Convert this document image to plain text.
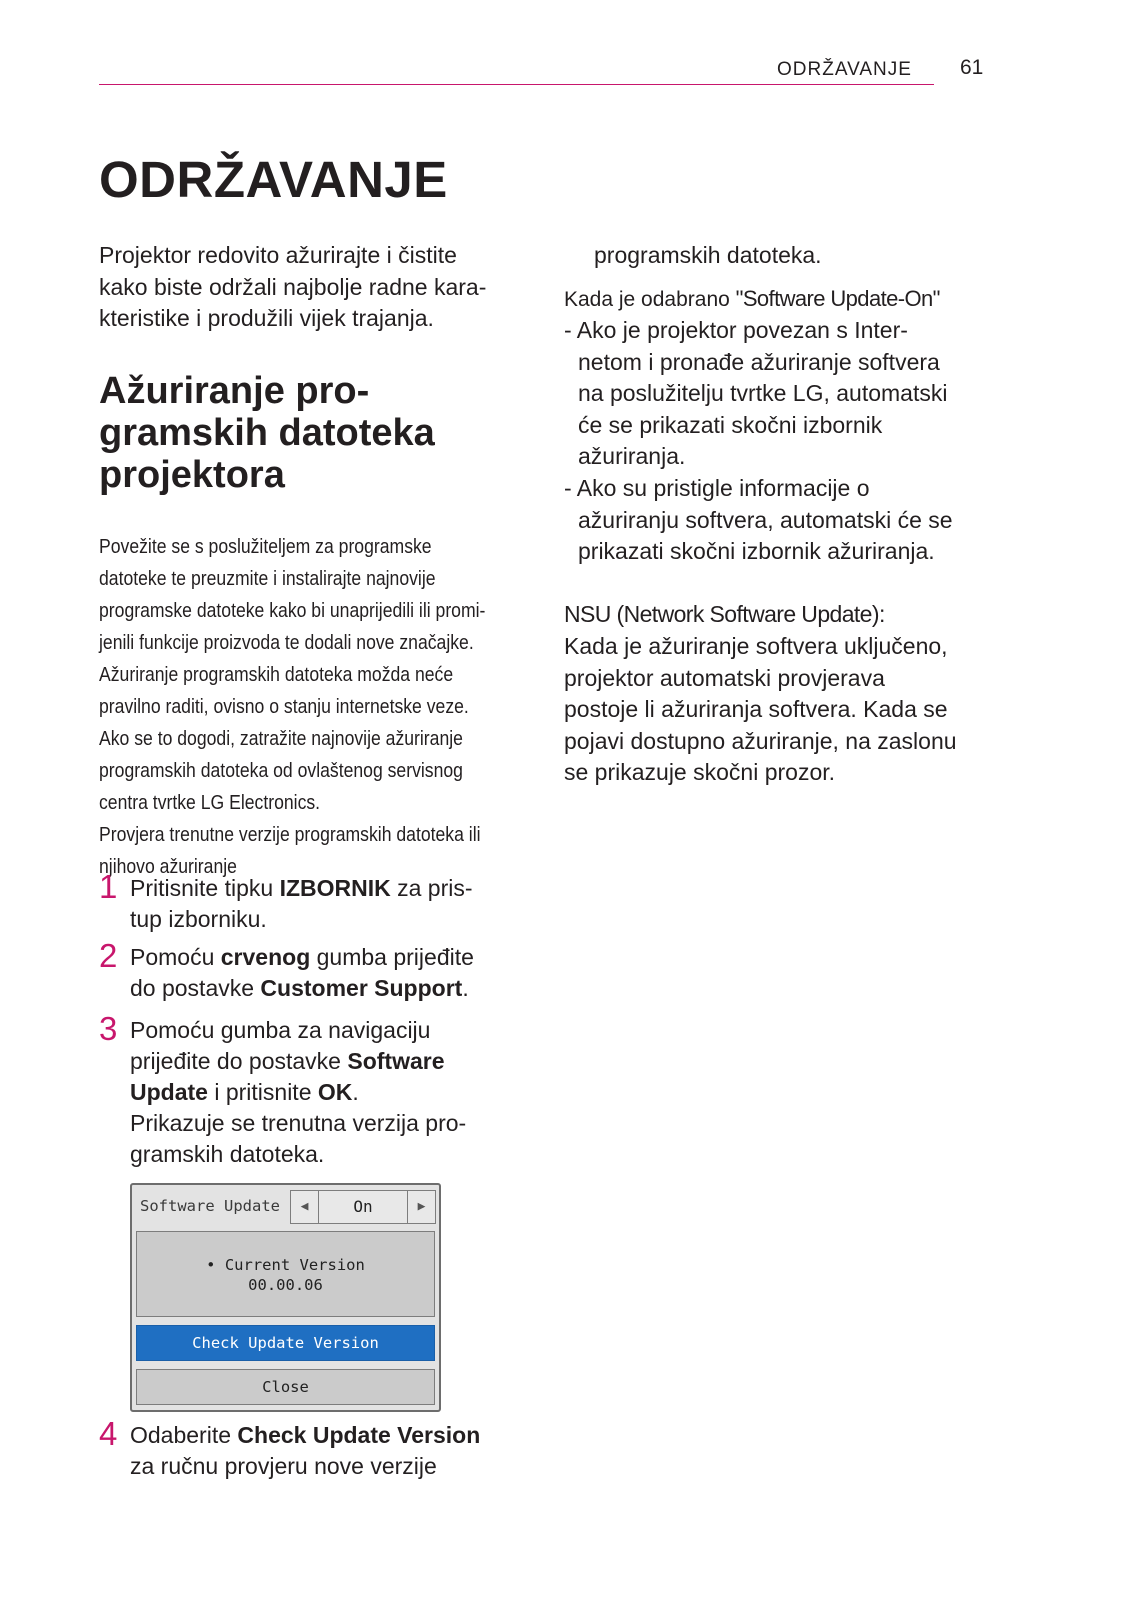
ODRŽAVANJE 61
ODRŽAVANJE
Projektor redovito ažurirajte i čistite
kako biste održali najbolje radne kara-
kteristike i produžili vijek trajanja.
Ažuriranje pro-
gramskih datoteka
projektora
Povežite se s poslužiteljem za programske
datoteke te preuzmite i instalirajte najnovije
programske datoteke kako bi unaprijedili ili promi-
jenili funkcije proizvoda te dodali nove značajke.
Ažuriranje programskih datoteka možda neće
pravilno raditi, ovisno o stanju internetske veze.
Ako se to dogodi, zatražite najnovije ažuriranje
programskih datoteka od ovlaštenog servisnog
centra tvrtke LG Electronics.
Provjera trenutne verzije programskih datoteka ili
njihovo ažuriranje
1 Pritisnite tipku IZBORNIK za pris-
tup izborniku.
2 Pomoću crvenog gumba prijeđite
do postavke Customer Support.
3 Pomoću gumba za navigaciju
prijeđite do postavke Software
Update i pritisnite OK.
Prikazuje se trenutna verzija pro-
gramskih datoteka.
Software Update	◀	On	▶
• Current Version
00.00.06
Check Update Version
Close
4 Odaberite Check Update Version
za ručnu provjeru nove verzije
programskih datoteka.
Kada je odabrano "Software Update-On"
- Ako je projektor povezan s Inter-
netom i pronađe ažuriranje softvera
na poslužitelju tvrtke LG, automatski
će se prikazati skočni izbornik
ažuriranja.
- Ako su pristigle informacije o
ažuriranju softvera, automatski će se
prikazati skočni izbornik ažuriranja.
NSU (Network Software Update):
Kada je ažuriranje softvera uključeno,
projektor automatski provjerava
postoje li ažuriranja softvera. Kada se
pojavi dostupno ažuriranje, na zaslonu
se prikazuje skočni prozor.
